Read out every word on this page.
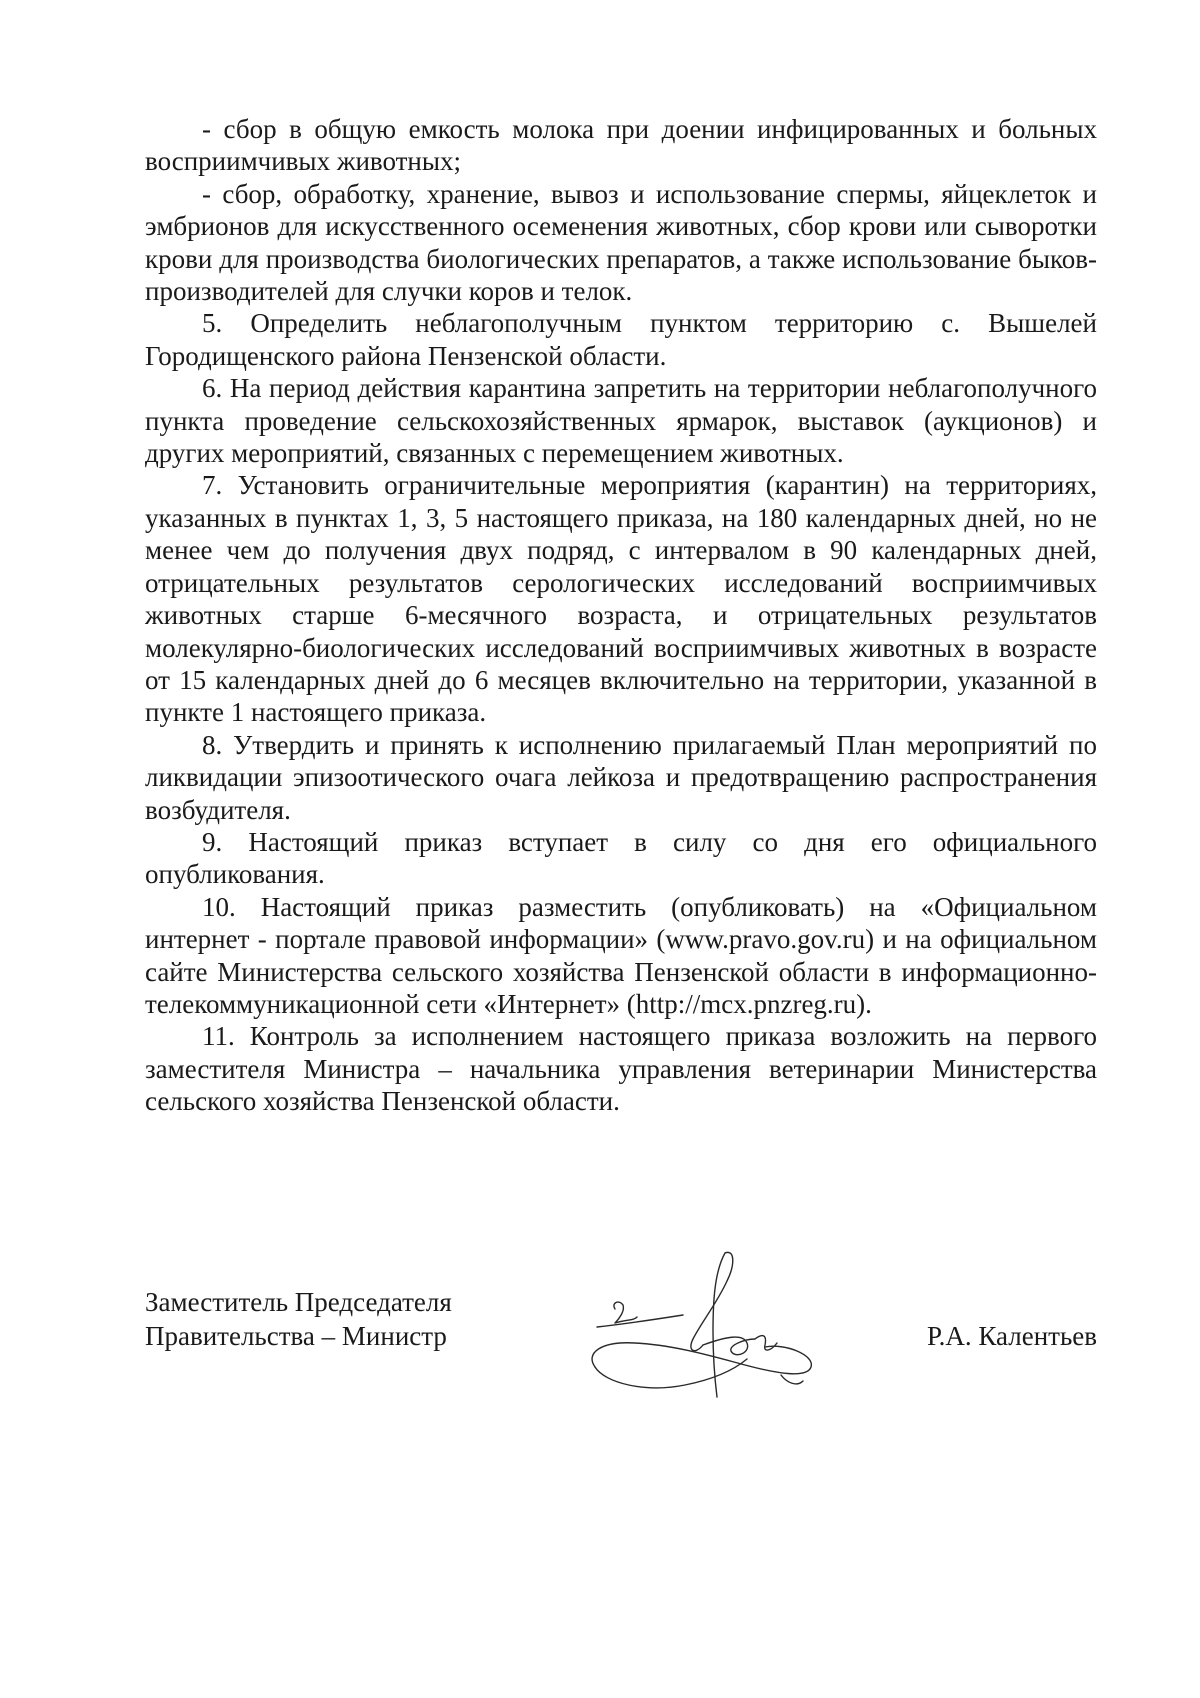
- сбор в общую емкость молока при доении инфицированных и больных восприимчивых животных;

- сбор, обработку, хранение, вывоз и использование спермы, яйцеклеток и эмбрионов для искусственного осеменения животных, сбор крови или сыворотки крови для производства биологических препаратов, а также использование быков-производителей для случки коров и телок.

5. Определить неблагополучным пунктом территорию с. Вышелей Городищенского района Пензенской области.

6. На период действия карантина запретить на территории неблагополучного пункта проведение сельскохозяйственных ярмарок, выставок (аукционов) и других мероприятий, связанных с перемещением животных.

7. Установить ограничительные мероприятия (карантин) на территориях, указанных в пунктах 1, 3, 5 настоящего приказа, на 180 календарных дней, но не менее чем до получения двух подряд, с интервалом в 90 календарных дней, отрицательных результатов серологических исследований восприимчивых животных старше 6-месячного возраста, и отрицательных результатов молекулярно-биологических исследований восприимчивых животных в возрасте от 15 календарных дней до 6 месяцев включительно на территории, указанной в пункте 1 настоящего приказа.

8. Утвердить и принять к исполнению прилагаемый План мероприятий по ликвидации эпизоотического очага лейкоза и предотвращению распространения возбудителя.

9. Настоящий приказ вступает в силу со дня его официального опубликования.

10. Настоящий приказ разместить (опубликовать) на «Официальном интернет - портале правовой информации» (www.pravo.gov.ru) и на официальном сайте Министерства сельского хозяйства Пензенской области в информационно-телекоммуникационной сети «Интернет» (http://mcx.pnzreg.ru).

11. Контроль за исполнением настоящего приказа возложить на первого заместителя Министра – начальника управления ветеринарии Министерства сельского хозяйства Пензенской области.

Заместитель Председателя
Правительства – Министр	Р.А. Калентьев
